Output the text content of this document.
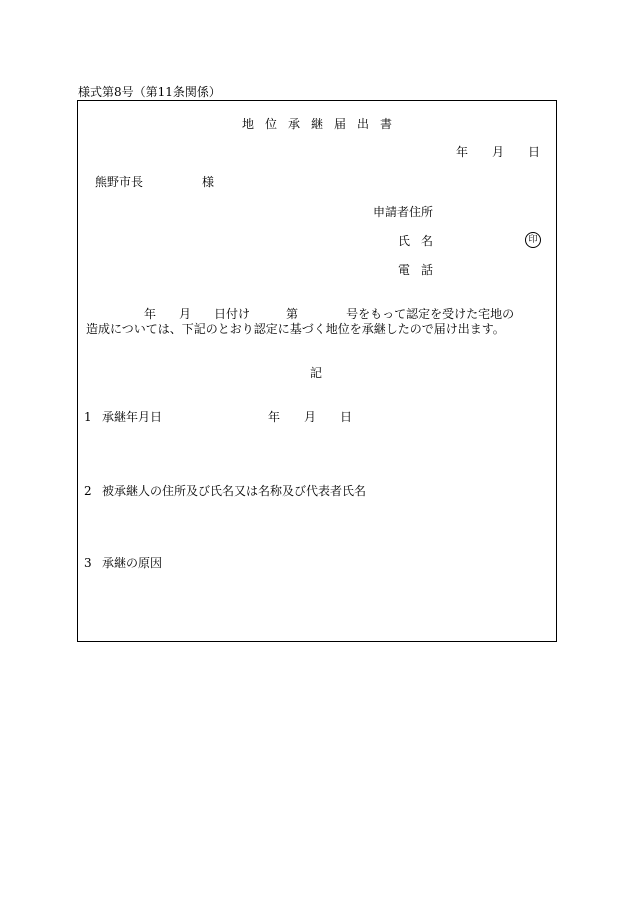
様式第8号（第11条関係）
地位承継届出書
年 月 日
熊野市長	様
申請者住所
氏 名	印
電 話
年 月 日付け	第	号をもって認定を受けた宅地の
造成については、下記のとおり認定に基づく地位を承継したので届け出ます。
記
1 承継年月日	年 月 日
2 被承継人の住所及び氏名又は名称及び代表者氏名
3 承継の原因
